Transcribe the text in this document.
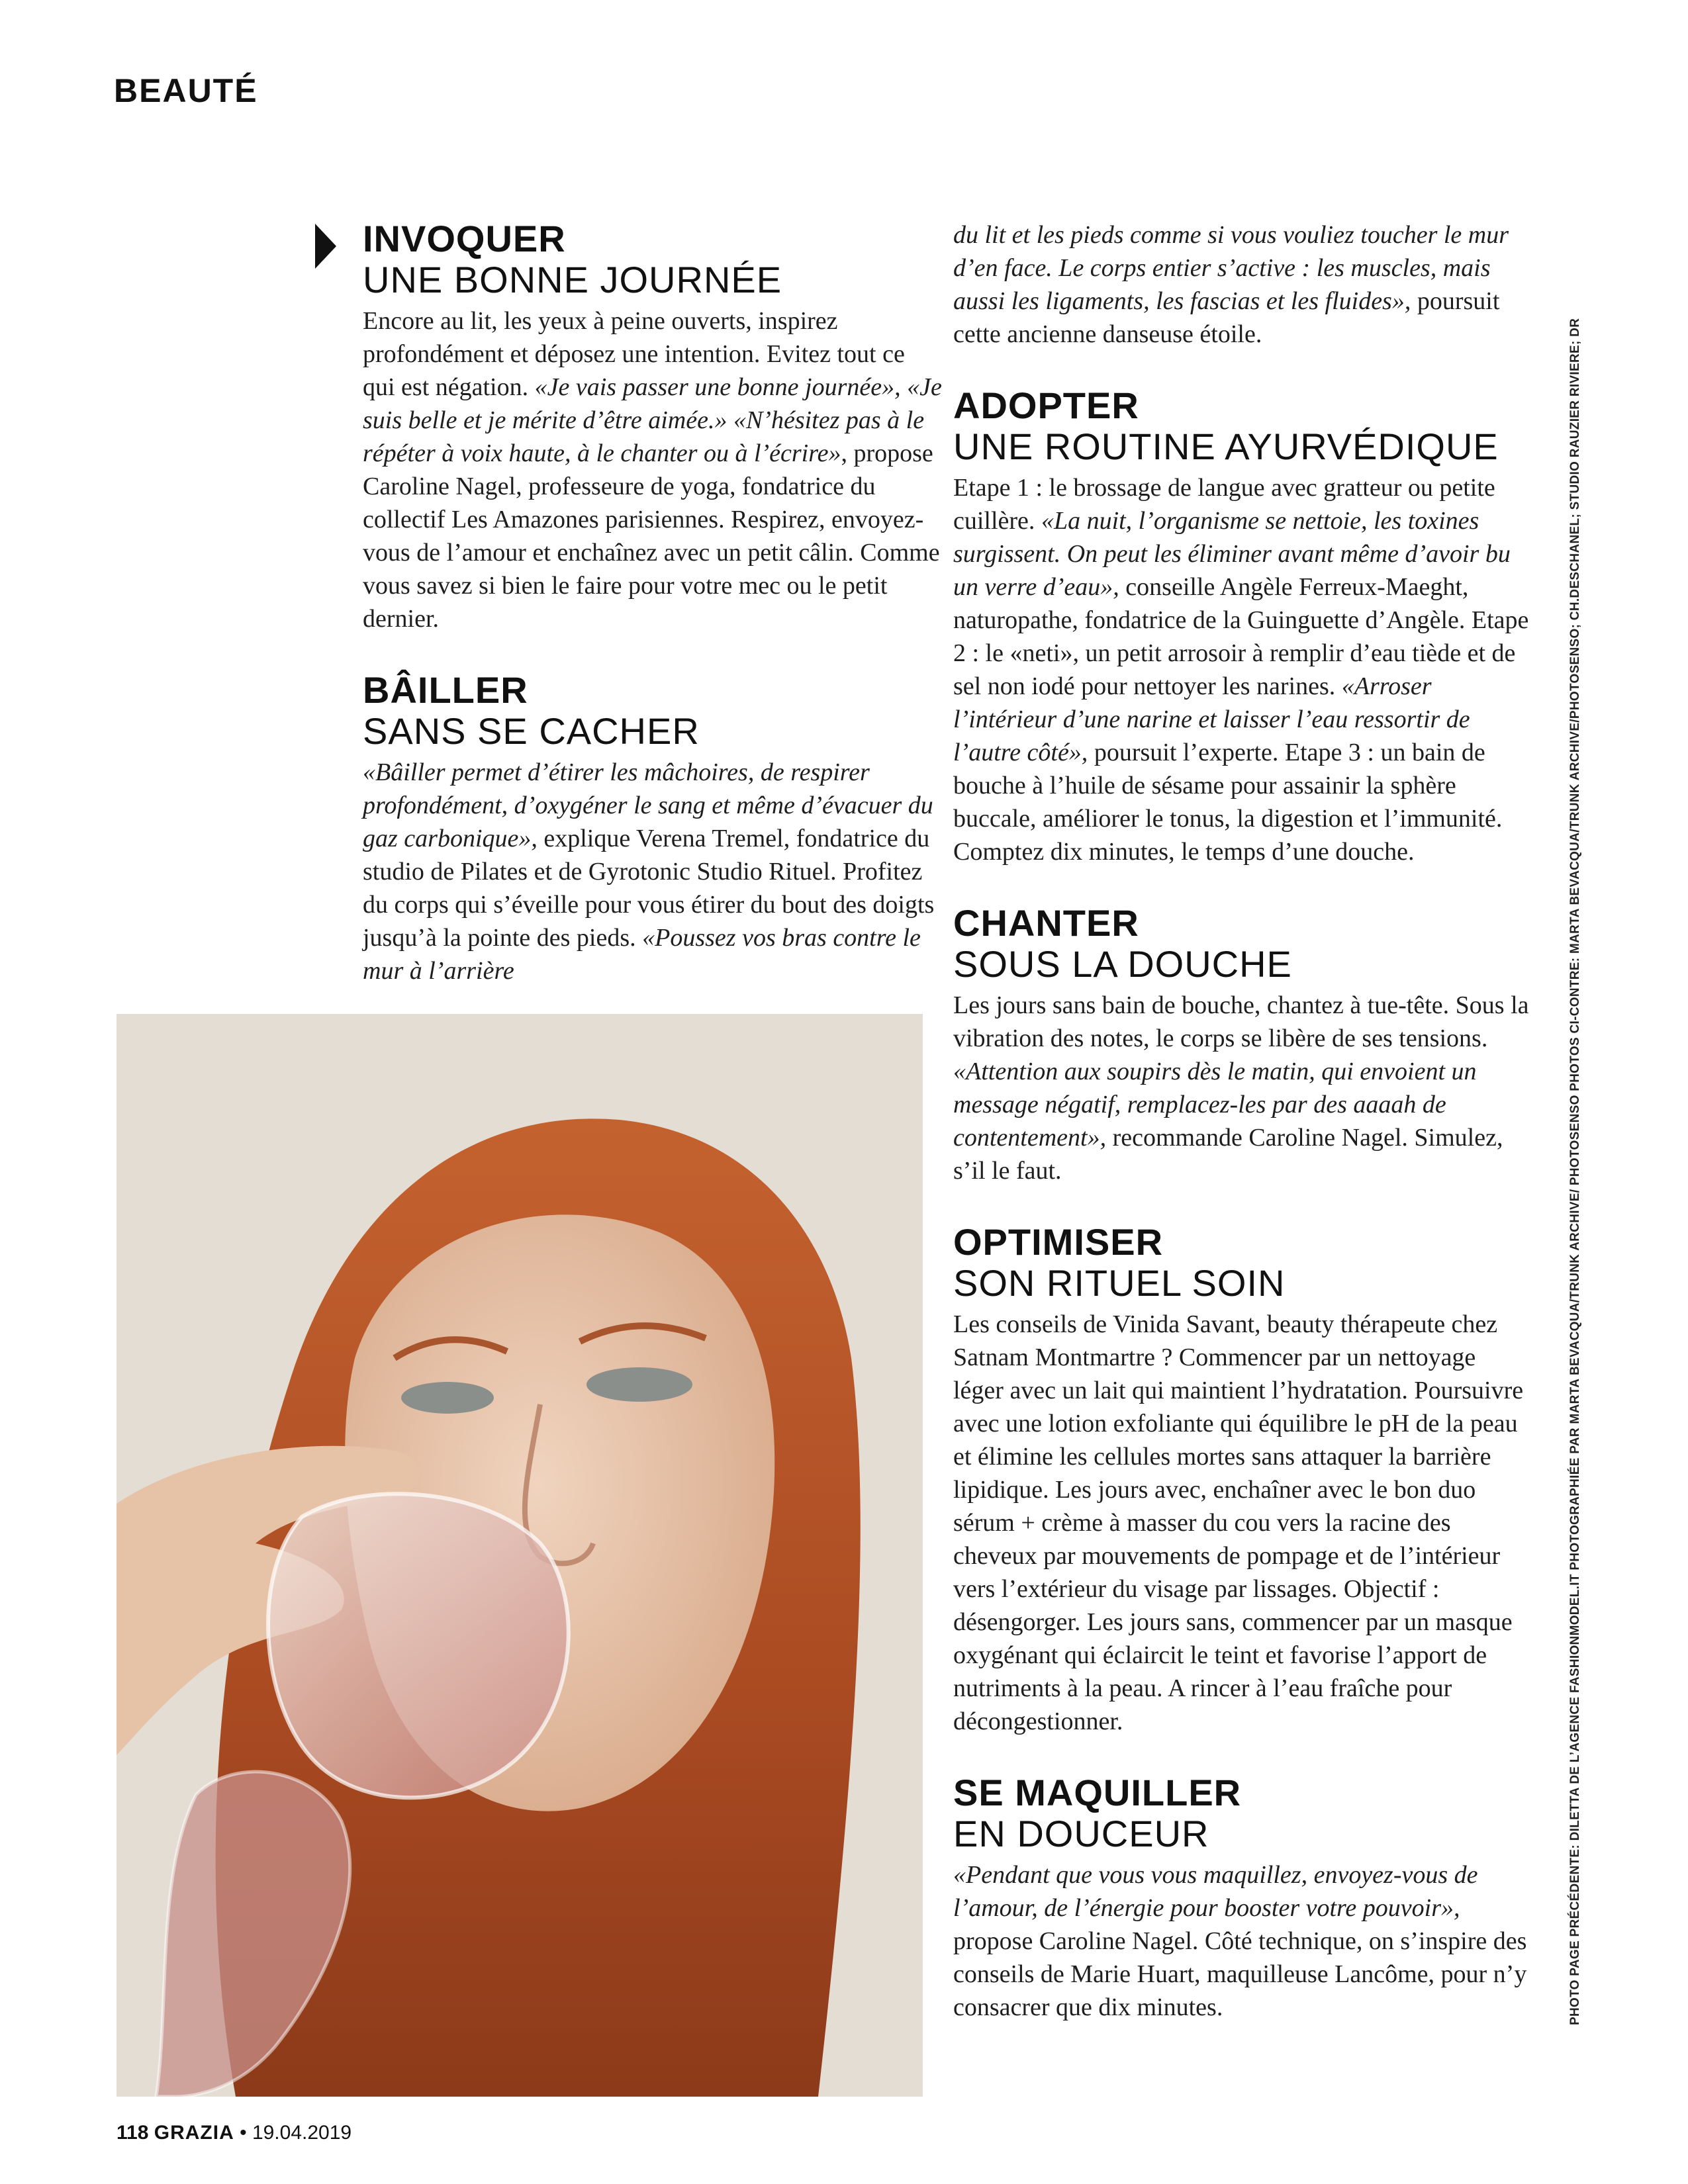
BEAUTÉ
INVOQUER
UNE BONNE JOURNÉE

Encore au lit, les yeux à peine ouverts, inspirez profondément et déposez une intention. Evitez tout ce qui est négation. «Je vais passer une bonne journée», «Je suis belle et je mérite d’être aimée.» «N’hésitez pas à le répéter à voix haute, à le chanter ou à l’écrire», propose Caroline Nagel, professeure de yoga, fondatrice du collectif Les Amazones parisiennes. Respirez, envoyez-vous de l’amour et enchaînez avec un petit câlin. Comme vous savez si bien le faire pour votre mec ou le petit dernier.

BÂILLER
SANS SE CACHER

«Bâiller permet d’étirer les mâchoires, de respirer profondément, d’oxygéner le sang et même d’évacuer du gaz carbonique», explique Verena Tremel, fondatrice du studio de Pilates et de Gyrotonic Studio Rituel. Profitez du corps qui s’éveille pour vous étirer du bout des doigts jusqu’à la pointe des pieds. «Poussez vos bras contre le mur à l’arrière

du lit et les pieds comme si vous vouliez toucher le mur d’en face. Le corps entier s’active : les muscles, mais aussi les ligaments, les fascias et les fluides», poursuit cette ancienne danseuse étoile.

ADOPTER
UNE ROUTINE AYURVÉDIQUE

Etape 1 : le brossage de langue avec gratteur ou petite cuillère. «La nuit, l’organisme se nettoie, les toxines surgissent. On peut les éliminer avant même d’avoir bu un verre d’eau», conseille Angèle Ferreux-Maeght, naturopathe, fondatrice de la Guinguette d’Angèle. Etape 2 : le «neti», un petit arrosoir à remplir d’eau tiède et de sel non iodé pour nettoyer les narines. «Arroser l’intérieur d’une narine et laisser l’eau ressortir de l’autre côté», poursuit l’experte. Etape 3 : un bain de bouche à l’huile de sésame pour assainir la sphère buccale, améliorer le tonus, la digestion et l’immunité. Comptez dix minutes, le temps d’une douche.

CHANTER
SOUS LA DOUCHE

Les jours sans bain de bouche, chantez à tue-tête. Sous la vibration des notes, le corps se libère de ses tensions. «Attention aux soupirs dès le matin, qui envoient un message négatif, remplacez-les par des aaaah de contentement», recommande Caroline Nagel. Simulez, s’il le faut.

OPTIMISER
SON RITUEL SOIN

Les conseils de Vinida Savant, beauty thérapeute chez Satnam Montmartre ? Commencer par un nettoyage léger avec un lait qui maintient l’hydratation. Poursuivre avec une lotion exfoliante qui équilibre le pH de la peau et élimine les cellules mortes sans attaquer la barrière lipidique. Les jours avec, enchaîner avec le bon duo sérum + crème à masser du cou vers la racine des cheveux par mouvements de pompage et de l’intérieur vers l’extérieur du visage par lissages. Objectif : désengorger. Les jours sans, commencer par un masque oxygénant qui éclaircit le teint et favorise l’apport de nutriments à la peau. A rincer à l’eau fraîche pour décongestionner.

SE MAQUILLER
EN DOUCEUR

«Pendant que vous vous maquillez, envoyez-vous de l’amour, de l’énergie pour booster votre pouvoir», propose Caroline Nagel. Côté technique, on s’inspire des conseils de Marie Huart, maquilleuse Lancôme, pour n’y consacrer que dix minutes.	PHOTO PAGE PRÉCÉDENTE: DILETTA DE L’AGENCE FASHIONMODEL.IT PHOTOGRAPHIÉE PAR MARTA BEVACQUA/TRUNK ARCHIVE/ PHOTOSENSO PHOTOS CI-CONTRE: MARTA BEVACQUA/TRUNK ARCHIVE/PHOTOSENSO; CH.DESCHANEL; STUDIO RAUZIER RIVIERE; DR
118 GRAZIA • 19.04.2019
